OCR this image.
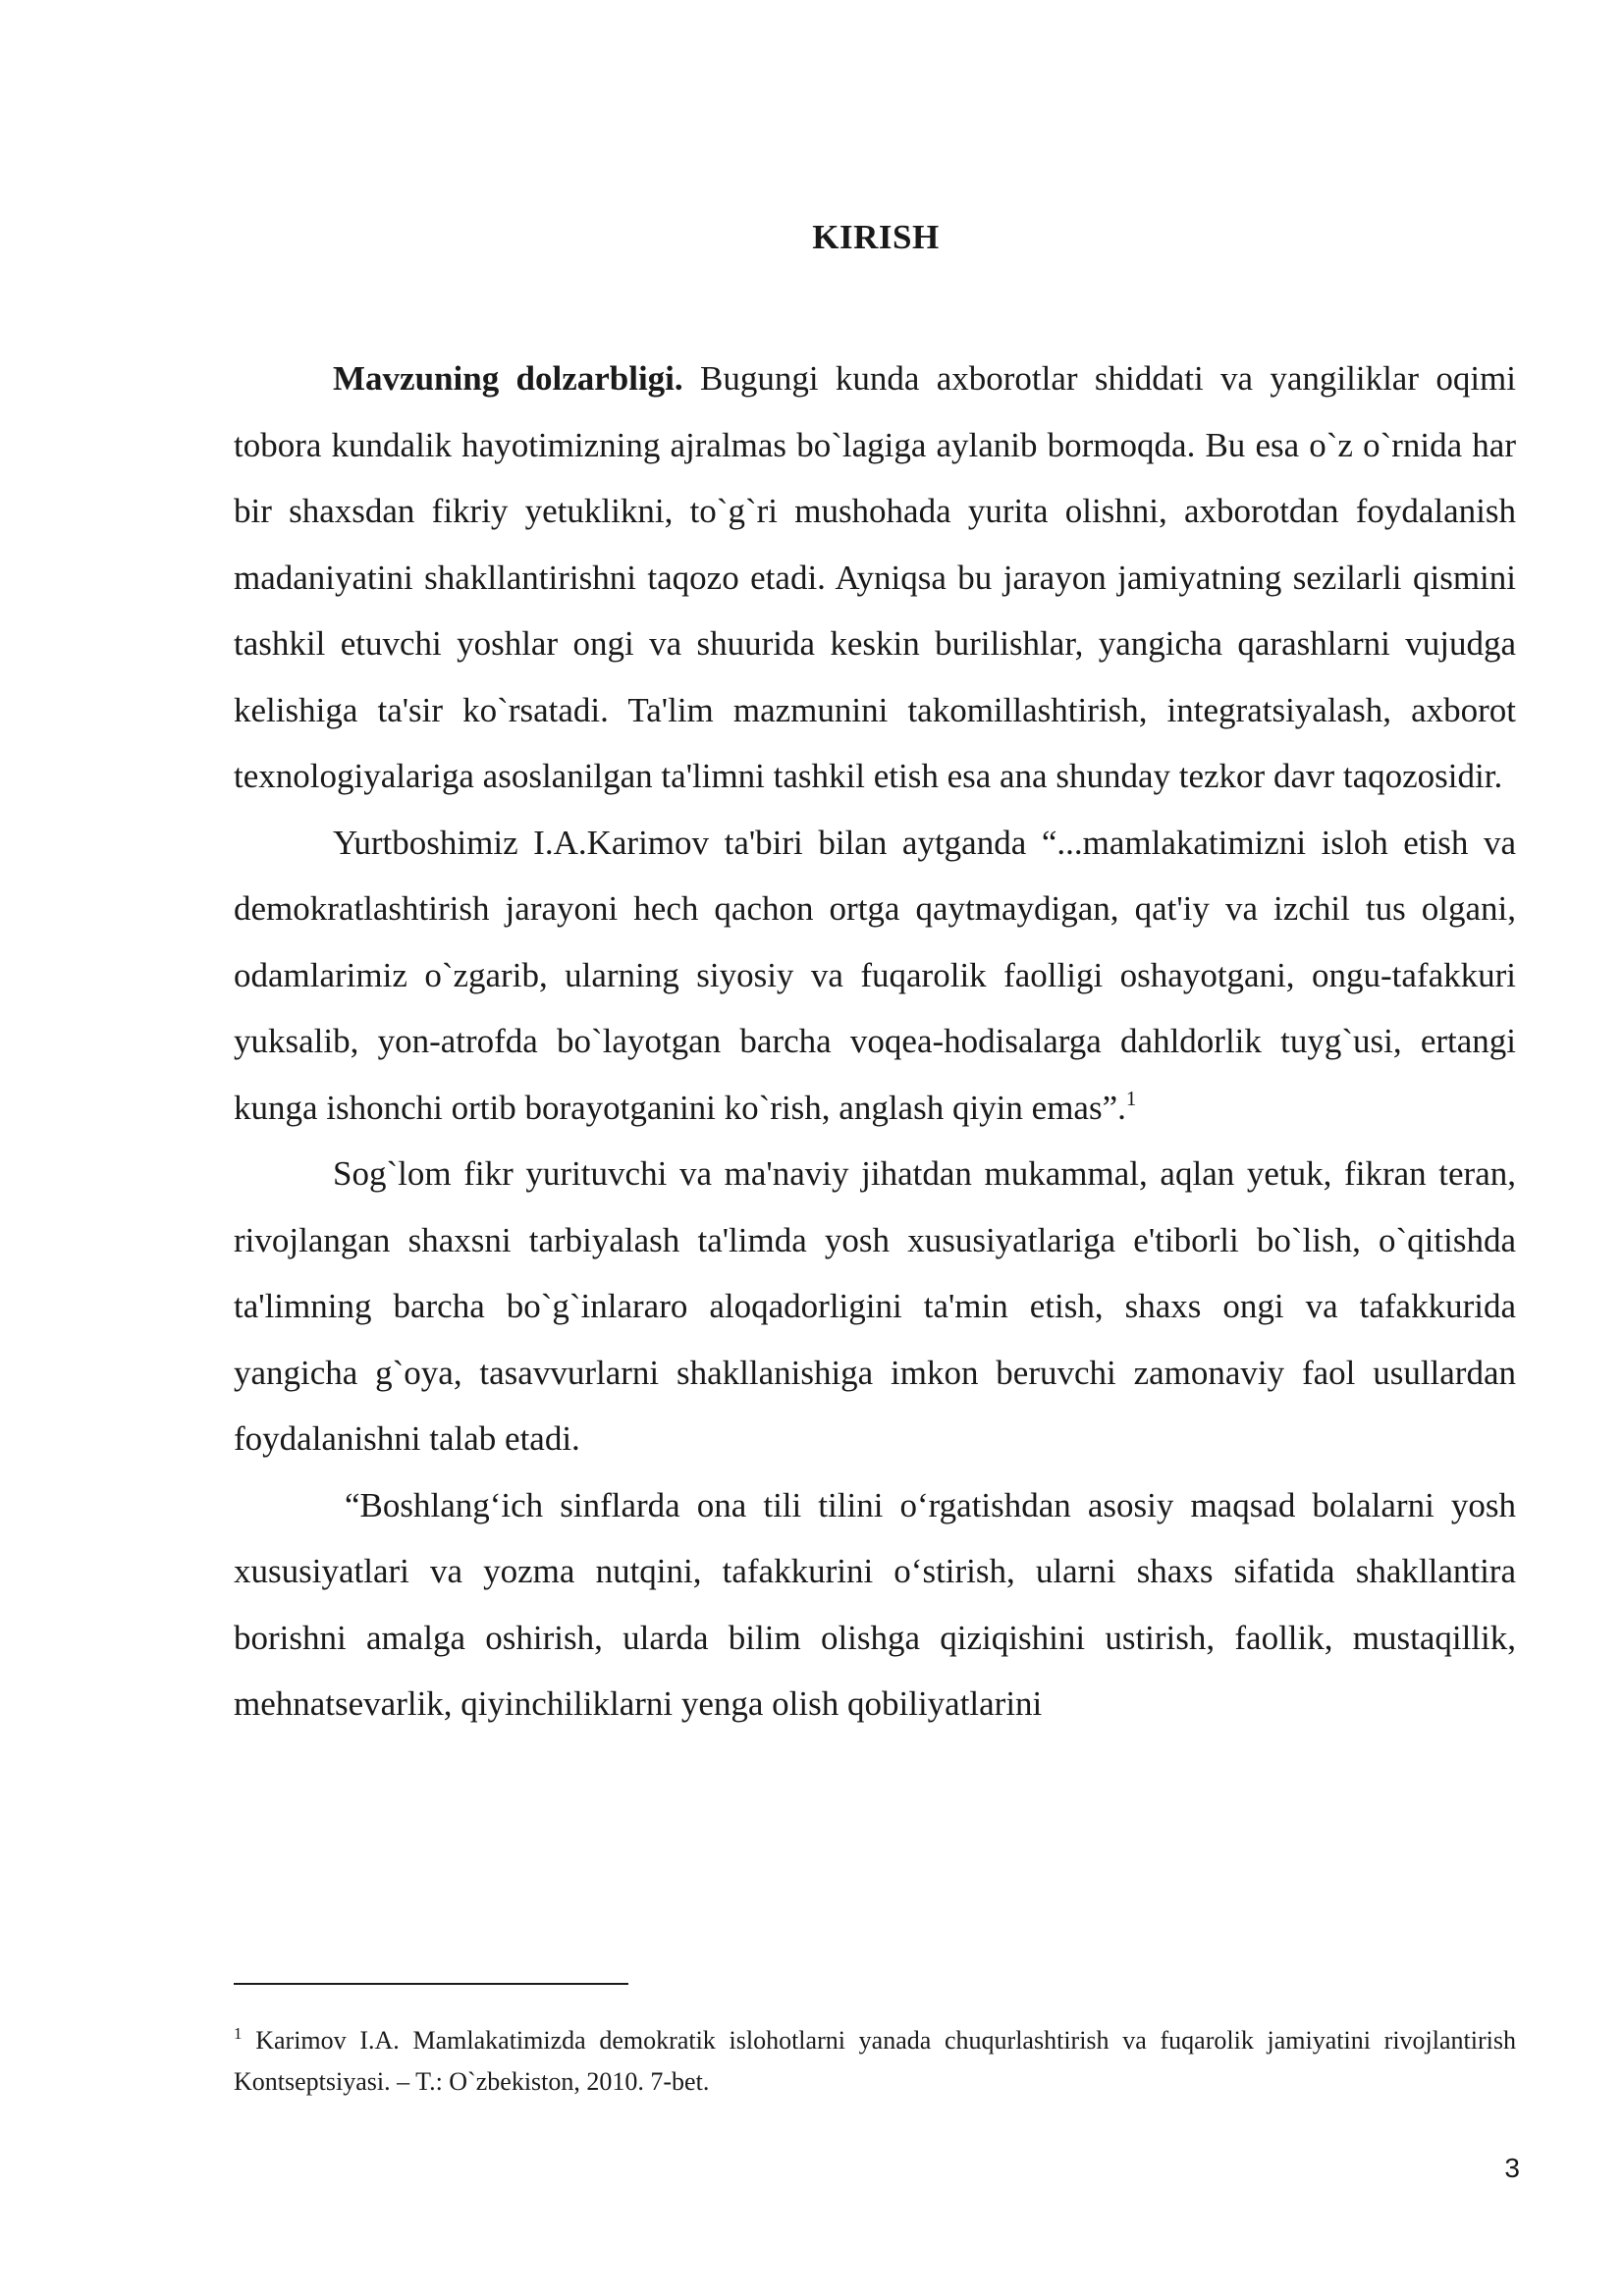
KIRISH

Mavzuning dolzarbligi. Bugungi kunda axborotlar shiddati va yangiliklar oqimi tobora kundalik hayotimizning ajralmas bo`lagiga aylanib bormoqda. Bu esa o`z o`rnida har bir shaxsdan fikriy yetuklikni, to`g`ri mushohada yurita olishni, axborotdan foydalanish madaniyatini shakllantirishni taqozo etadi. Ayniqsa bu jarayon jamiyatning sezilarli qismini tashkil etuvchi yoshlar ongi va shuurida keskin burilishlar, yangicha qarashlarni vujudga kelishiga ta'sir ko`rsatadi. Ta'lim mazmunini takomillashtirish, integratsiyalash, axborot texnologiyalariga asoslanilgan ta'limni tashkil etish esa ana shunday tezkor davr taqozosidir.

Yurtboshimiz I.A.Karimov ta'biri bilan aytganda “...mamlakatimizni isloh etish va demokratlashtirish jarayoni hech qachon ortga qaytmaydigan, qat'iy va izchil tus olgani, odamlarimiz o`zgarib, ularning siyosiy va fuqarolik faolligi oshayotgani, ongu-tafakkuri yuksalib, yon-atrofda bo`layotgan barcha voqea-hodisalarga dahldorlik tuyg`usi, ertangi kunga ishonchi ortib borayotganini ko`rish, anglash qiyin emas”.$^1$

Sog`lom fikr yurituvchi va ma'naviy jihatdan mukammal, aqlan yetuk, fikran teran, rivojlangan shaxsni tarbiyalash ta'limda yosh xususiyatlariga e'tiborli bo`lish, o`qitishda ta'limning barcha bo`g`inlararo aloqadorligini ta'min etish, shaxs ongi va tafakkurida yangicha g`oya, tasavvurlarni shakllanishiga imkon beruvchi zamonaviy faol usullardan foydalanishni talab etadi.

“Boshlang‘ich sinflarda ona tili tilini o‘rgatishdan asosiy maqsad bolalarni yosh xususiyatlari va yozma nutqini, tafakkurini o‘stirish, ularni shaxs sifatida shakllantira borishni amalga oshirish, ularda bilim olishga qiziqishini ustirish, faollik, mustaqillik, mehnatsevarlik, qiyinchiliklarni yenga olish qobiliyatlarini

$^1$ Karimov I.A. Mamlakatimizda demokratik islohotlarni yanada chuqurlashtirish va fuqarolik jamiyatini rivojlantirish Kontseptsiyasi. – T.: O`zbekiston, 2010. 7-bet.
3
